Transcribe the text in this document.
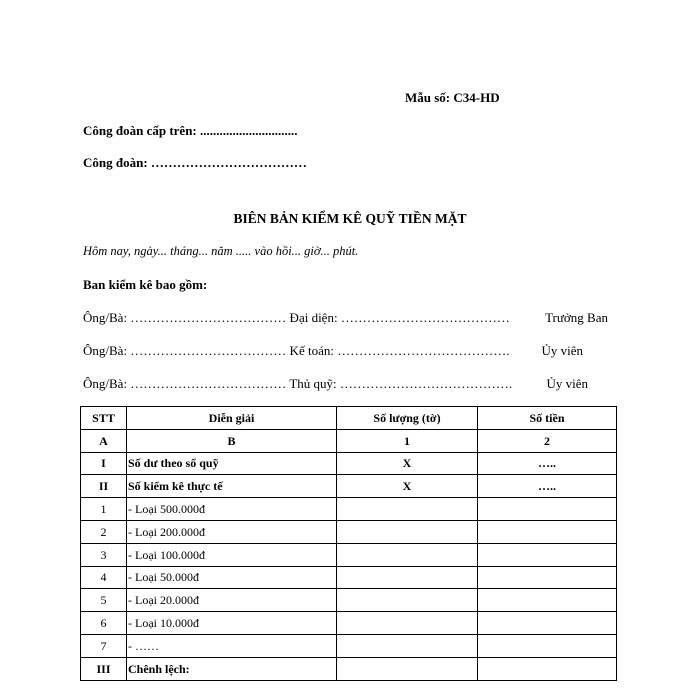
Mẫu số: C34-HD
Công đoàn cấp trên: ..............................
Công đoàn: ………………………………
BIÊN BẢN KIỂM KÊ QUỸ TIỀN MẶT
Hôm nay, ngày... tháng... năm ..... vào hồi... giờ... phút.
Ban kiểm kê bao gồm:
Ông/Bà: ……………………………… Đại diện: …………………………………	Trưởng Ban
Ông/Bà: ……………………………… Kế toán: …………………………………. Ủy viên
Ông/Bà: ……………………………… Thủ quỹ: ………………………………….	Ủy viên
STT	Diễn giải	Số lượng (tờ)	Số tiền
A	B	1	2
I	Số dư theo sổ quỹ	X	…..
II	Số kiểm kê thực tế	X	…..
1	- Loại 500.000đ		
2	- Loại 200.000đ		
3	- Loại 100.000đ		
4	- Loại 50.000đ		
5	- Loại 20.000đ		
6	- Loại 10.000đ		
7	- ……		
III	Chênh lệch:		
